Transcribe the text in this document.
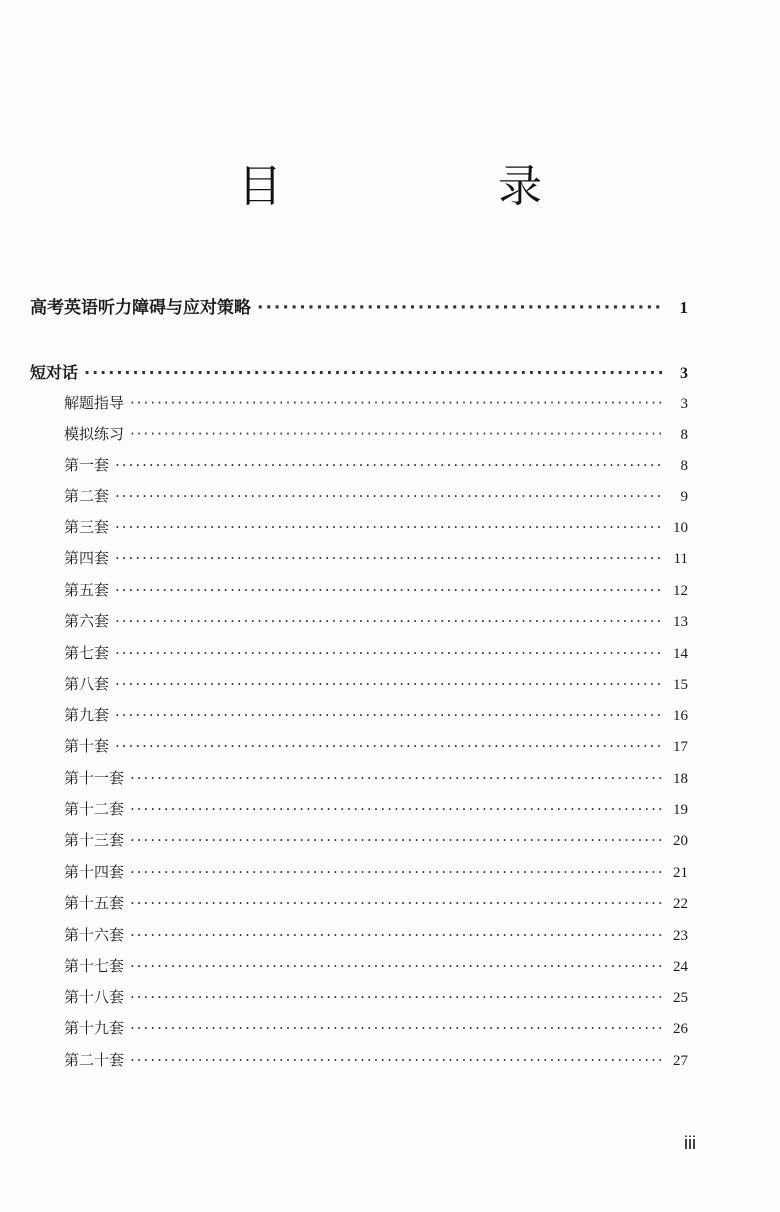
目　录
高考英语听力障碍与应对策略 ·····	1
短对话 ·····	3
解题指导 ·····	3
模拟练习 ·····	8
第一套 ·····	8
第二套 ·····	9
第三套 ·····	10
第四套 ·····	11
第五套 ·····	12
第六套 ·····	13
第七套 ·····	14
第八套 ·····	15
第九套 ·····	16
第十套 ·····	17
第十一套 ·····	18
第十二套 ·····	19
第十三套 ·····	20
第十四套 ·····	21
第十五套 ·····	22
第十六套 ·····	23
第十七套 ·····	24
第十八套 ·····	25
第十九套 ·····	26
第二十套 ·····	27
iii
